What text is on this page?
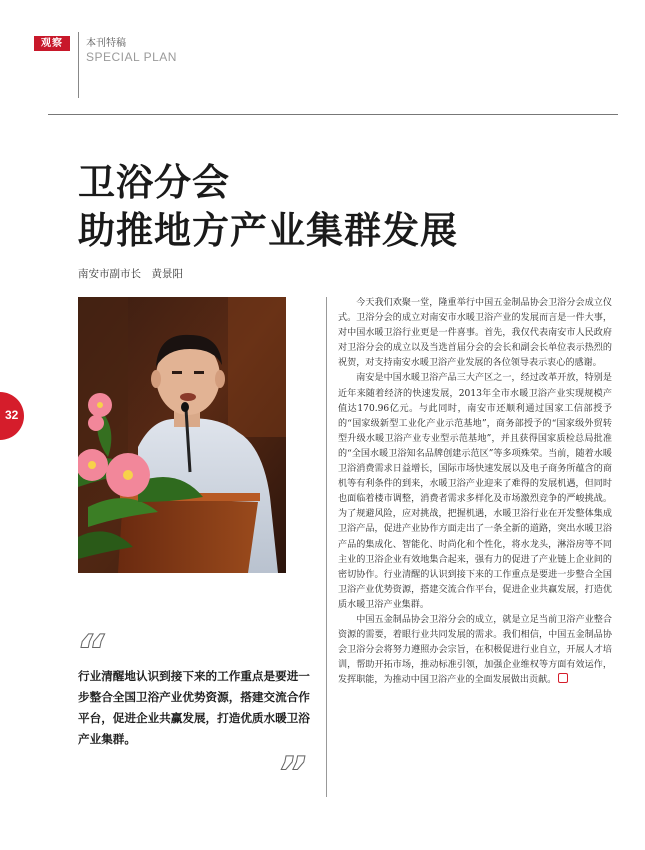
观察	本刊特稿
SPECIAL PLAN
卫浴分会
助推地方产业集群发展
南安市副市长　黄景阳
32
“
行业清醒地认识到接下来的工作重点是要进一步整合全国卫浴产业优势资源，搭建交流合作平台，促进企业共赢发展，打造优质水暖卫浴产业集群。
”

今天我们欢聚一堂，隆重举行中国五金制品协会卫浴分会成立仪式。卫浴分会的成立对南安市水暖卫浴产业的发展而言是一件大事，对中国水暖卫浴行业更是一件喜事。首先，我仅代表南安市人民政府对卫浴分会的成立以及当选首届分会的会长和副会长单位表示热烈的祝贺，对支持南安水暖卫浴产业发展的各位领导表示衷心的感谢。

南安是中国水暖卫浴产品三大产区之一，经过改革开放，特别是近年来随着经济的快速发展，2013年全市水暖卫浴产业实现规模产值达170.96亿元。与此同时，南安市还顺利通过国家工信部授予的“国家级新型工业化产业示范基地”，商务部授予的“国家级外贸转型升级水暖卫浴产业专业型示范基地”，并且获得国家质检总局批准的“全国水暖卫浴知名品牌创建示范区”等多项殊荣。当前，随着水暖卫浴消费需求日益增长，国际市场快速发展以及电子商务所蕴含的商机等有利条件的到来，水暖卫浴产业迎来了难得的发展机遇，但同时也面临着楼市调整，消费者需求多样化及市场激烈竞争的严峻挑战。为了规避风险，应对挑战，把握机遇，水暖卫浴行业在开发整体集成卫浴产品，促进产业协作方面走出了一条全新的道路，突出水暖卫浴产品的集成化、智能化、时尚化和个性化，将水龙头，淋浴房等不同主业的卫浴企业有效地集合起来，强有力的促进了产业链上企业间的密切协作。行业清醒的认识到接下来的工作重点是要进一步整合全国卫浴产业优势资源，搭建交流合作平台，促进企业共赢发展，打造优质水暖卫浴产业集群。

中国五金制品协会卫浴分会的成立，就是立足当前卫浴产业整合资源的需要，着眼行业共同发展的需求。我们相信，中国五金制品协会卫浴分会将努力遵照办会宗旨，在积极促进行业自立，开展人才培训，帮助开拓市场，推动标准引领，加强企业维权等方面有效运作，发挥职能，为推动中国卫浴产业的全面发展做出贡献。
